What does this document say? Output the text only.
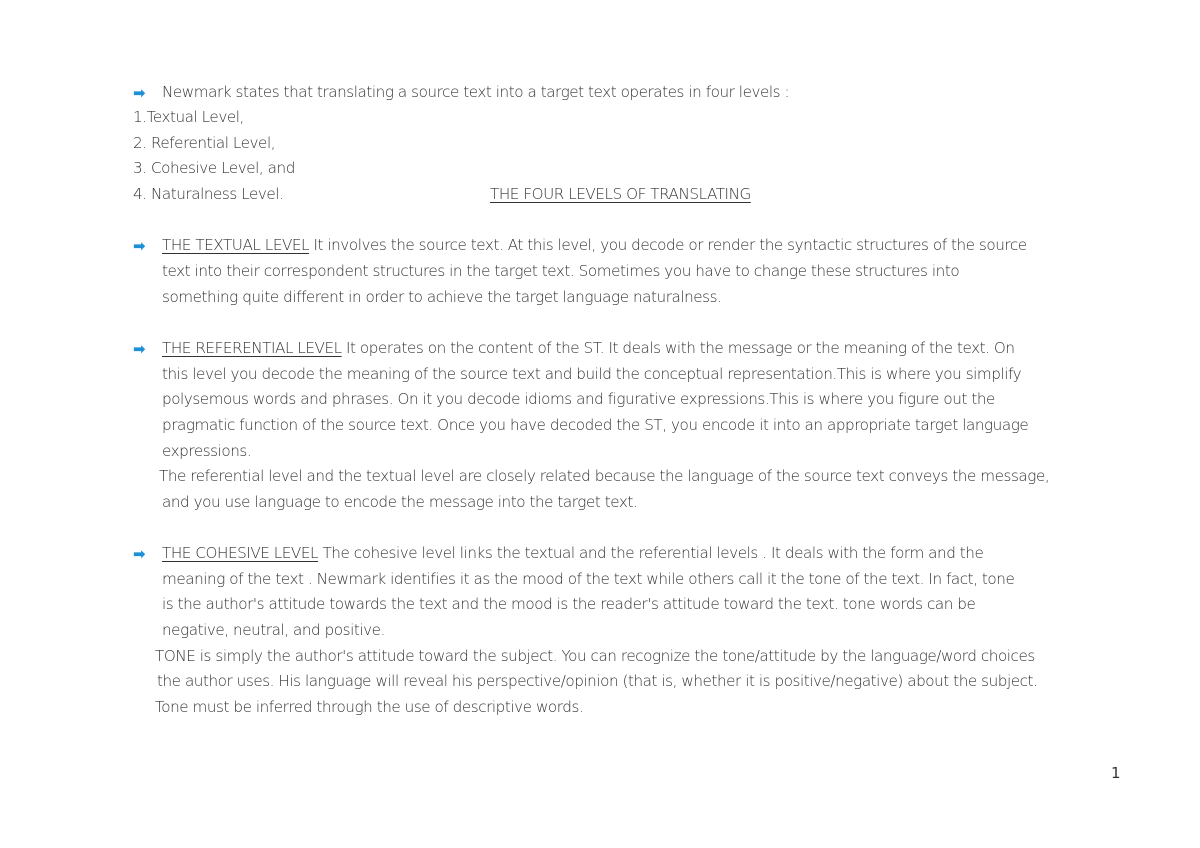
➡ Newmark states that translating a source text into a target text operates in four levels :
1.Textual Level,
2. Referential Level,
3. Cohesive Level, and
4. Naturalness Level.	THE FOUR LEVELS OF TRANSLATING
➡ THE TEXTUAL LEVEL It involves the source text. At this level, you decode or render the syntactic structures of the source
text into their correspondent structures in the target text. Sometimes you have to change these structures into
something quite different in order to achieve the target language naturalness.
➡ THE REFERENTIAL LEVEL It operates on the content of the ST. It deals with the message or the meaning of the text. On
this level you decode the meaning of the source text and build the conceptual representation.This is where you simplify
polysemous words and phrases. On it you decode idioms and figurative expressions.This is where you figure out the
pragmatic function of the source text. Once you have decoded the ST, you encode it into an appropriate target language
expressions.
The referential level and the textual level are closely related because the language of the source text conveys the message,
and you use language to encode the message into the target text.
➡ THE COHESIVE LEVEL The cohesive level links the textual and the referential levels . It deals with the form and the
meaning of the text . Newmark identifies it as the mood of the text while others call it the tone of the text. In fact, tone
is the author's attitude towards the text and the mood is the reader's attitude toward the text. tone words can be
negative, neutral, and positive.
TONE is simply the author's attitude toward the subject. You can recognize the tone/attitude by the language/word choices
the author uses. His language will reveal his perspective/opinion (that is, whether it is positive/negative) about the subject.
Tone must be inferred through the use of descriptive words.
1
